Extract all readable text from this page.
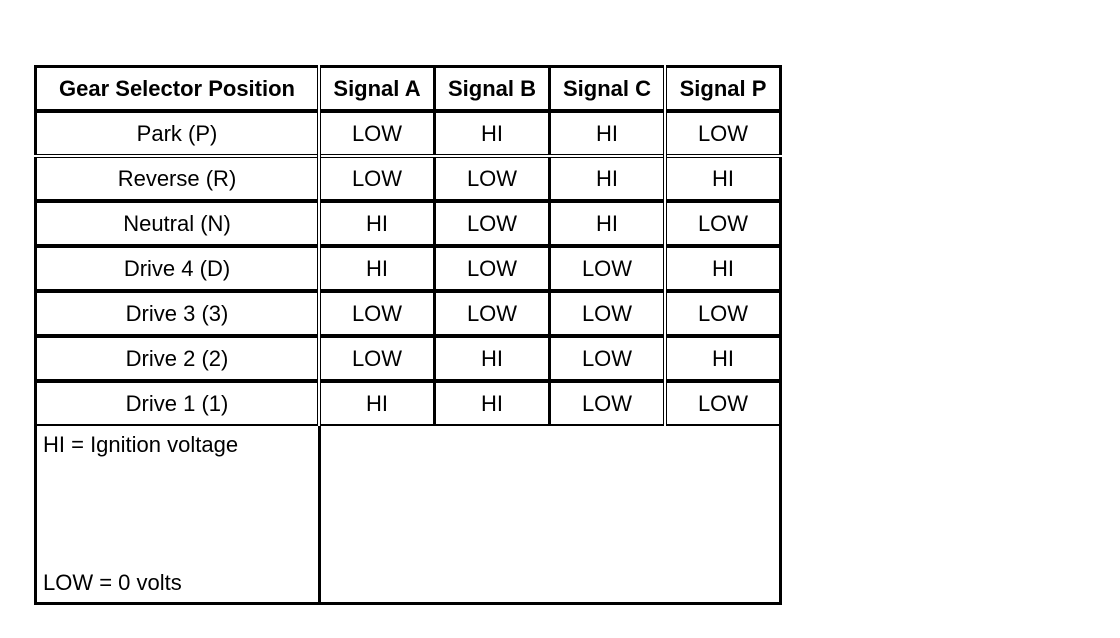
Gear Selector Position	Signal A	Signal B	Signal C	Signal P
Park (P)	LOW	HI	HI	LOW
Reverse (R)	LOW	LOW	HI	HI
Neutral (N)	HI	LOW	HI	LOW
Drive 4 (D)	HI	LOW	LOW	HI
Drive 3 (3)	LOW	LOW	LOW	LOW
Drive 2 (2)	LOW	HI	LOW	HI
Drive 1 (1)	HI	HI	LOW	LOW

HI = Ignition voltage
LOW = 0 volts				
